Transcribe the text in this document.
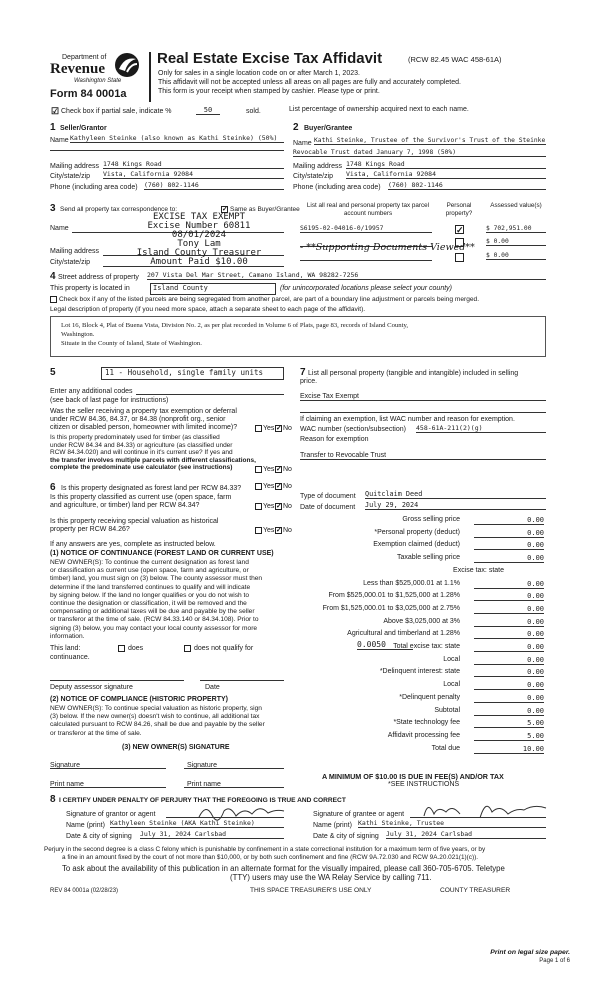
Department of
Revenue
Washington State
Form 84 0001a
Real Estate Excise Tax Affidavit	(RCW 82.45 WAC 458-61A)
Only for sales in a single location code on or after March 1, 2023.
This affidavit will not be accepted unless all areas on all pages are fully and accurately completed.
This form is your receipt when stamped by cashier. Please type or print.
☑ Check box if partial sale, indicate %	50	sold.	List percentage of ownership acquired next to each name.
1 Seller/Grantor
Name Kathyleen Steinke (also known as Kathi Steinke) (50%)
Mailing address 1748 Kings Road
City/state/zip Vista, California 92084
Phone (including area code) (760) 802-1146
2 Buyer/Grantee
Name Kathi Steinke, Trustee of the Survivor's Trust of the Steinke
Revocable Trust dated January 7, 1998 (50%)
Mailing address 1748 Kings Road
City/state/zip Vista, California 92084
Phone (including area code) (760) 802-1146
3 Send all property tax correspondence to:	✓ Same as Buyer/Grantee
Name
Mailing address
City/state/zip
EXCISE TAX EXEMPT
Excise Number 60811
08/01/2024
Tony Lam
Island County Treasurer
Amount Paid $10.00
List all real and personal property tax parcel account numbers
Personal property?
Assessed value(s)
S6195-02-04016-0/19957	✓	$ 702,951.00
$ 0.00
$ 0.00
- **Supporting Documents Viewed**
4 Street address of property 207 Vista Del Mar Street, Camano Island, WA 98282-7256
This property is located in	Island County	(for unincorporated locations please select your county)
Check box if any of the listed parcels are being segregated from another parcel, are part of a boundary line adjustment or parcels being merged.
Legal description of property (if you need more space, attach a separate sheet to each page of the affidavit).
Lot 16, Block 4, Plat of Buena Vista, Division No. 2, as per plat recorded in Volume 6 of Plats, page 83, records of Island County,
Washington.
Situate in the County of Island, State of Washington.
5	11 - Household, single family units
Enter any additional codes
(see back of last page for instructions)
Was the seller receiving a property tax exemption or deferral
under RCW 84.36, 84.37, or 84.38 (nonprofit org., senior
citizen or disabled person, homeowner with limited income)?	Yes ✓ No
Is this property predominately used for timber (as classified
under RCW 84.34 and 84.33) or agriculture (as classified under
RCW 84.34.020) and will continue in it's current use? If yes and
the transfer involves multiple parcels with different classifications,
complete the predominate use calculator (see instructions)	Yes ✓ No
6 Is this property designated as forest land per RCW 84.33?	Yes ✓ No
Is this property classified as current use (open space, farm
and agriculture, or timber) land per RCW 84.34?	Yes ✓ No
Is this property receiving special valuation as historical
property per RCW 84.26?	Yes ✓ No
If any answers are yes, complete as instructed below.
(1) NOTICE OF CONTINUANCE (FOREST LAND OR CURRENT USE)
NEW OWNER(S): To continue the current designation as forest land
or classification as current use (open space, farm and agriculture, or
timber) land, you must sign on (3) below. The county assessor must then
determine if the land transferred continues to qualify and will indicate
by signing below. If the land no longer qualifies or you do not wish to
continue the designation or classification, it will be removed and the
compensating or additional taxes will be due and payable by the seller
or transferor at the time of sale. (RCW 84.33.140 or 84.34.108). Prior to
signing (3) below, you may contact your local county assessor for more
information.
This land:	does	does not qualify for
continuance.
Deputy assessor signature	Date
(2) NOTICE OF COMPLIANCE (HISTORIC PROPERTY)
NEW OWNER(S): To continue special valuation as historic property, sign
(3) below. If the new owner(s) doesn't wish to continue, all additional tax
calculated pursuant to RCW 84.26, shall be due and payable by the seller
or transferor at the time of sale.
(3) NEW OWNER(S) SIGNATURE
Signature	Signature
Print name	Print name
7 List all personal property (tangible and intangible) included in selling
price.
Excise Tax Exempt
If claiming an exemption, list WAC number and reason for exemption.
WAC number (section/subsection) 458-61A-211(2)(g)
Reason for exemption
Transfer to Revocable Trust
Type of document Quitclaim Deed
Date of document July 29, 2024
Gross selling price	0.00
*Personal property (deduct)	0.00
Exemption claimed (deduct)	0.00
Taxable selling price	0.00
Excise tax: state
Less than $525,000.01 at 1.1%	0.00
From $525,000.01 to $1,525,000 at 1.28%	0.00
From $1,525,000.01 to $3,025,000 at 2.75%	0.00
Above $3,025,000 at 3%	0.00
Agricultural and timberland at 1.28%	0.00
Total excise tax: state	0.00
Local	0.00
*Delinquent interest: state	0.00
Local	0.00
*Delinquent penalty	0.00
Subtotal	0.00
*State technology fee	5.00
Affidavit processing fee	5.00
Total due	10.00
0.0050
A MINIMUM OF $10.00 IS DUE IN FEE(S) AND/OR TAX
*SEE INSTRUCTIONS
8 I CERTIFY UNDER PENALTY OF PERJURY THAT THE FOREGOING IS TRUE AND CORRECT
Signature of grantor or agent
Name (print) Kathyleen Steinke (AKA Kathi Steinke)
Date & city of signing July 31, 2024 Carlsbad
Signature of grantee or agent
Name (print) Kathi Steinke, Trustee
Date & city of signing July 31, 2024 Carlsbad
Perjury in the second degree is a class C felony which is punishable by confinement in a state correctional institution for a maximum term of five years, or by
a fine in an amount fixed by the court of not more than $10,000, or by both such confinement and fine (RCW 9A.72.030 and RCW 9A.20.021(1)(c)).
To ask about the availability of this publication in an alternate format for the visually impaired, please call 360-705-6705. Teletype
(TTY) users may use the WA Relay Service by calling 711.
REV 84 0001a (02/28/23)	THIS SPACE TREASURER'S USE ONLY	COUNTY TREASURER
Print on legal size paper.
Page 1 of 6
